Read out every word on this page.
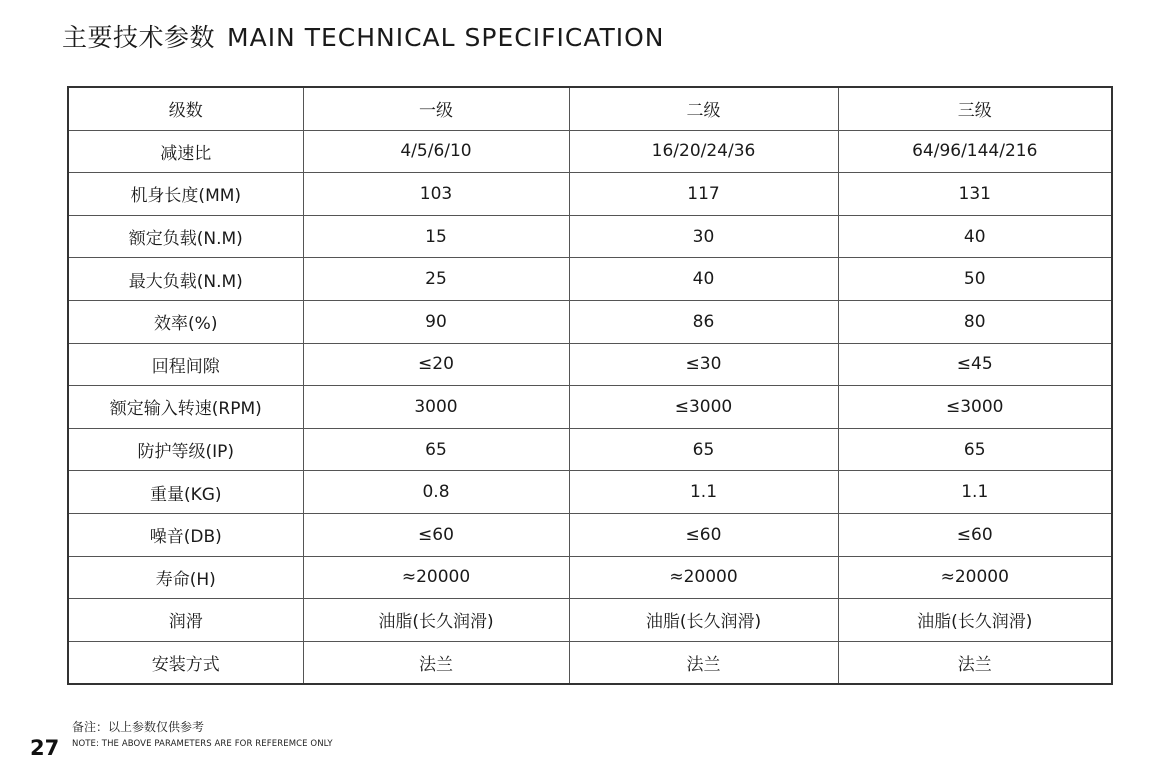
主要技术参数 MAIN TECHNICAL SPECIFICATION
级数	一级	二级	三级
减速比	4/5/6/10	16/20/24/36	64/96/144/216
机身长度(MM)	103	117	131
额定负载(N.M)	15	30	40
最大负载(N.M)	25	40	50
效率(%)	90	86	80
回程间隙	≤20	≤30	≤45
额定输入转速(RPM)	3000	≤3000	≤3000
防护等级(IP)	65	65	65
重量(KG)	0.8	1.1	1.1
噪音(DB)	≤60	≤60	≤60
寿命(H)	≈20000	≈20000	≈20000
润滑	油脂(长久润滑)	油脂(长久润滑)	油脂(长久润滑)
安装方式	法兰	法兰	法兰
27
备注：以上参数仅供参考
NOTE: THE ABOVE PARAMETERS ARE FOR REFEREMCE ONLY
